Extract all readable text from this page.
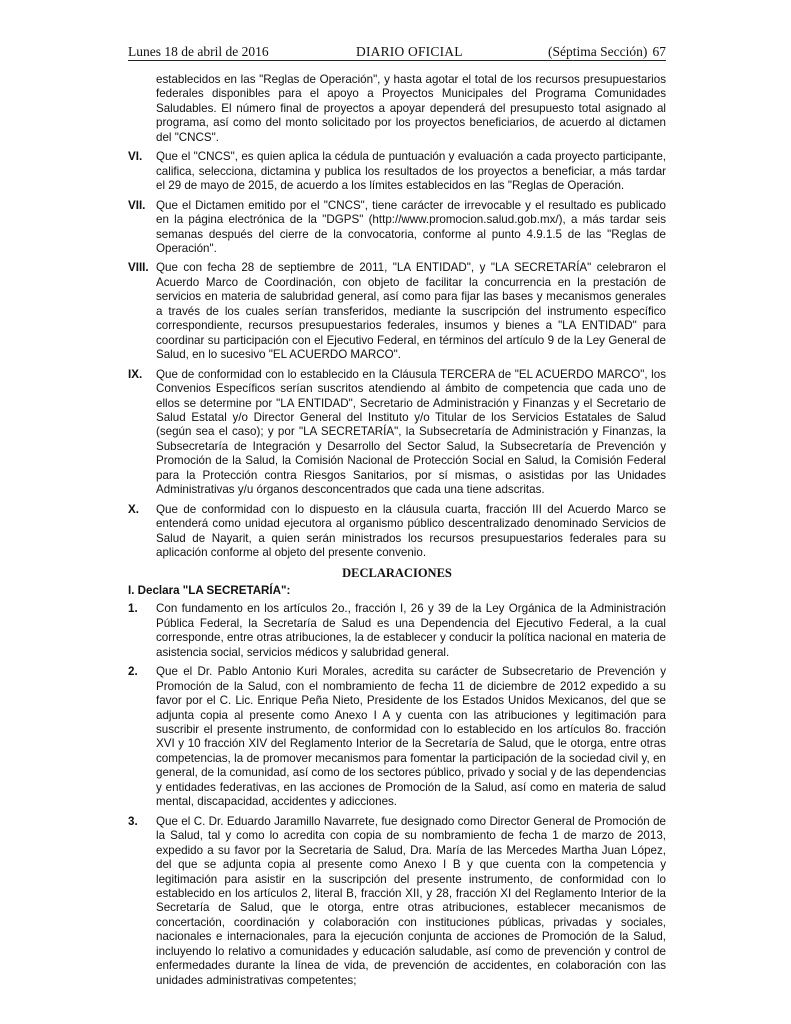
Lunes 18 de abril de 2016	DIARIO OFICIAL	(Séptima Sección) 67
establecidos en las "Reglas de Operación", y hasta agotar el total de los recursos presupuestarios federales disponibles para el apoyo a Proyectos Municipales del Programa Comunidades Saludables. El número final de proyectos a apoyar dependerá del presupuesto total asignado al programa, así como del monto solicitado por los proyectos beneficiarios, de acuerdo al dictamen del "CNCS".
VI.	Que el "CNCS", es quien aplica la cédula de puntuación y evaluación a cada proyecto participante, califica, selecciona, dictamina y publica los resultados de los proyectos a beneficiar, a más tardar el 29 de mayo de 2015, de acuerdo a los límites establecidos en las "Reglas de Operación.
VII. Que el Dictamen emitido por el "CNCS", tiene carácter de irrevocable y el resultado es publicado en la página electrónica de la "DGPS" (http://www.promocion.salud.gob.mx/), a más tardar seis semanas después del cierre de la convocatoria, conforme al punto 4.9.1.5 de las "Reglas de Operación".
VIII. Que con fecha 28 de septiembre de 2011, "LA ENTIDAD", y "LA SECRETARÍA" celebraron el Acuerdo Marco de Coordinación, con objeto de facilitar la concurrencia en la prestación de servicios en materia de salubridad general, así como para fijar las bases y mecanismos generales a través de los cuales serían transferidos, mediante la suscripción del instrumento específico correspondiente, recursos presupuestarios federales, insumos y bienes a "LA ENTIDAD" para coordinar su participación con el Ejecutivo Federal, en términos del artículo 9 de la Ley General de Salud, en lo sucesivo "EL ACUERDO MARCO".
IX.	Que de conformidad con lo establecido en la Cláusula TERCERA de "EL ACUERDO MARCO", los Convenios Específicos serían suscritos atendiendo al ámbito de competencia que cada uno de ellos se determine por "LA ENTIDAD", Secretario de Administración y Finanzas y el Secretario de Salud Estatal y/o Director General del Instituto y/o Titular de los Servicios Estatales de Salud (según sea el caso); y por "LA SECRETARÍA", la Subsecretaría de Administración y Finanzas, la Subsecretaría de Integración y Desarrollo del Sector Salud, la Subsecretaría de Prevención y Promoción de la Salud, la Comisión Nacional de Protección Social en Salud, la Comisión Federal para la Protección contra Riesgos Sanitarios, por sí mismas, o asistidas por las Unidades Administrativas y/u órganos desconcentrados que cada una tiene adscritas.
X.	Que de conformidad con lo dispuesto en la cláusula cuarta, fracción III del Acuerdo Marco se entenderá como unidad ejecutora al organismo público descentralizado denominado Servicios de Salud de Nayarit, a quien serán ministrados los recursos presupuestarios federales para su aplicación conforme al objeto del presente convenio.
DECLARACIONES
I. Declara "LA SECRETARÍA":
1.	Con fundamento en los artículos 2o., fracción I, 26 y 39 de la Ley Orgánica de la Administración Pública Federal, la Secretaría de Salud es una Dependencia del Ejecutivo Federal, a la cual corresponde, entre otras atribuciones, la de establecer y conducir la política nacional en materia de asistencia social, servicios médicos y salubridad general.
2.	Que el Dr. Pablo Antonio Kuri Morales, acredita su carácter de Subsecretario de Prevención y Promoción de la Salud, con el nombramiento de fecha 11 de diciembre de 2012 expedido a su favor por el C. Lic. Enrique Peña Nieto, Presidente de los Estados Unidos Mexicanos, del que se adjunta copia al presente como Anexo I A y cuenta con las atribuciones y legitimación para suscribir el presente instrumento, de conformidad con lo establecido en los artículos 8o. fracción XVI y 10 fracción XIV del Reglamento Interior de la Secretaría de Salud, que le otorga, entre otras competencias, la de promover mecanismos para fomentar la participación de la sociedad civil y, en general, de la comunidad, así como de los sectores público, privado y social y de las dependencias y entidades federativas, en las acciones de Promoción de la Salud, así como en materia de salud mental, discapacidad, accidentes y adicciones.
3.	Que el C. Dr. Eduardo Jaramillo Navarrete, fue designado como Director General de Promoción de la Salud, tal y como lo acredita con copia de su nombramiento de fecha 1 de marzo de 2013, expedido a su favor por la Secretaria de Salud, Dra. María de las Mercedes Martha Juan López, del que se adjunta copia al presente como Anexo I B y que cuenta con la competencia y legitimación para asistir en la suscripción del presente instrumento, de conformidad con lo establecido en los artículos 2, literal B, fracción XII, y 28, fracción XI del Reglamento Interior de la Secretaría de Salud, que le otorga, entre otras atribuciones, establecer mecanismos de concertación, coordinación y colaboración con instituciones públicas, privadas y sociales, nacionales e internacionales, para la ejecución conjunta de acciones de Promoción de la Salud, incluyendo lo relativo a comunidades y educación saludable, así como de prevención y control de enfermedades durante la línea de vida, de prevención de accidentes, en colaboración con las unidades administrativas competentes;
